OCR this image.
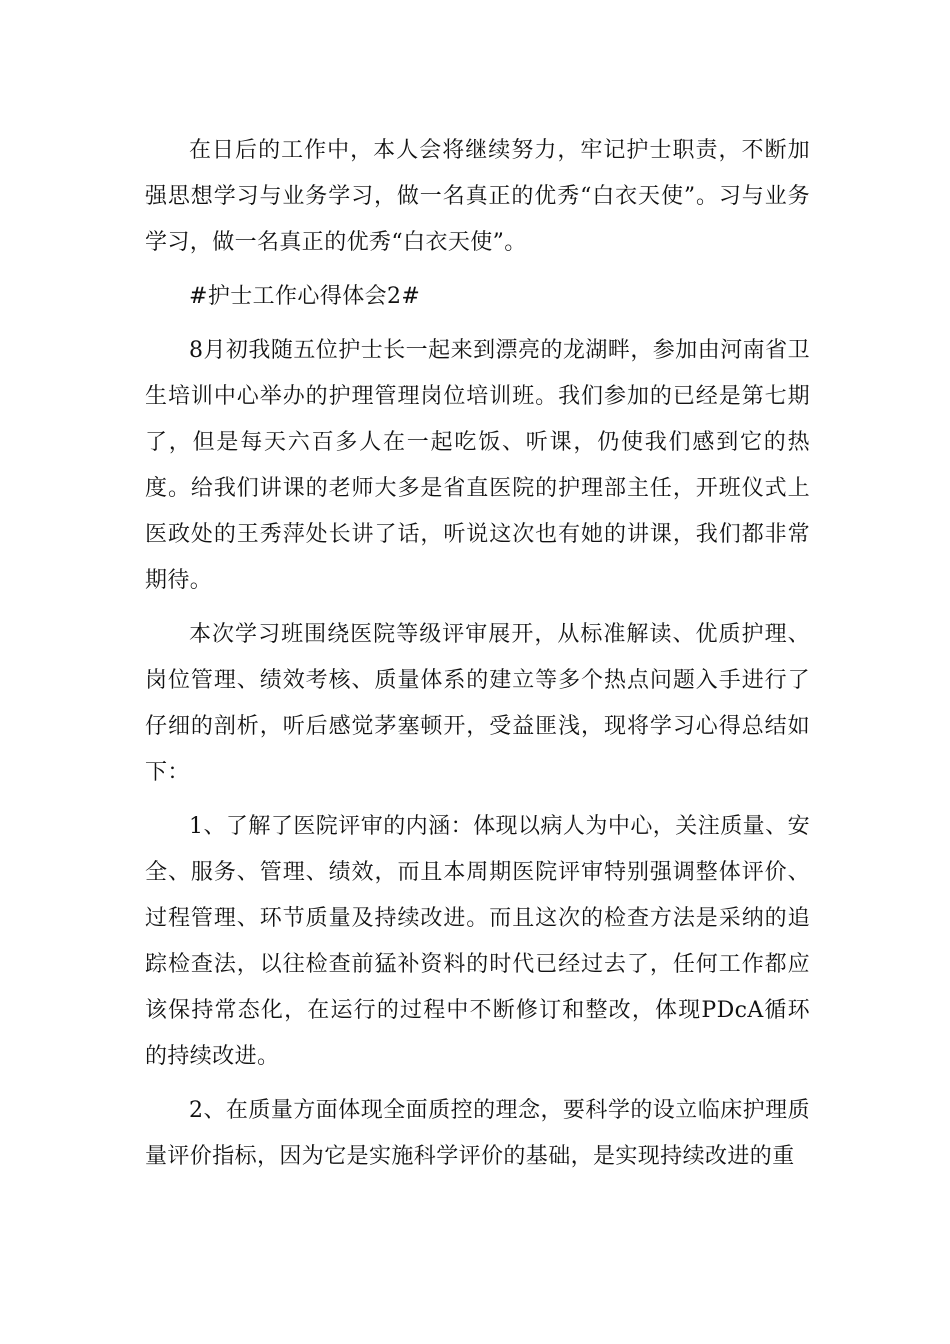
在日后的工作中，本人会将继续努力，牢记护士职责，不断加强思想学习与业务学习，做一名真正的优秀“白衣天使”。习与业务学习，做一名真正的优秀“白衣天使”。

#护士工作心得体会2#

8月初我随五位护士长一起来到漂亮的龙湖畔，参加由河南省卫生培训中心举办的护理管理岗位培训班。我们参加的已经是第七期了，但是每天六百多人在一起吃饭、听课，仍使我们感到它的热度。给我们讲课的老师大多是省直医院的护理部主任，开班仪式上医政处的王秀萍处长讲了话，听说这次也有她的讲课，我们都非常期待。

本次学习班围绕医院等级评审展开，从标准解读、优质护理、岗位管理、绩效考核、质量体系的建立等多个热点问题入手进行了仔细的剖析，听后感觉茅塞顿开，受益匪浅，现将学习心得总结如下：

1、了解了医院评审的内涵：体现以病人为中心，关注质量、安全、服务、管理、绩效，而且本周期医院评审特别强调整体评价、过程管理、环节质量及持续改进。而且这次的检查方法是采纳的追踪检查法，以往检查前猛补资料的时代已经过去了，任何工作都应该保持常态化，在运行的过程中不断修订和整改，体现PDcA循环的持续改进。

2、在质量方面体现全面质控的理念，要科学的设立临床护理质量评价指标，因为它是实施科学评价的基础，是实现持续改进的重
